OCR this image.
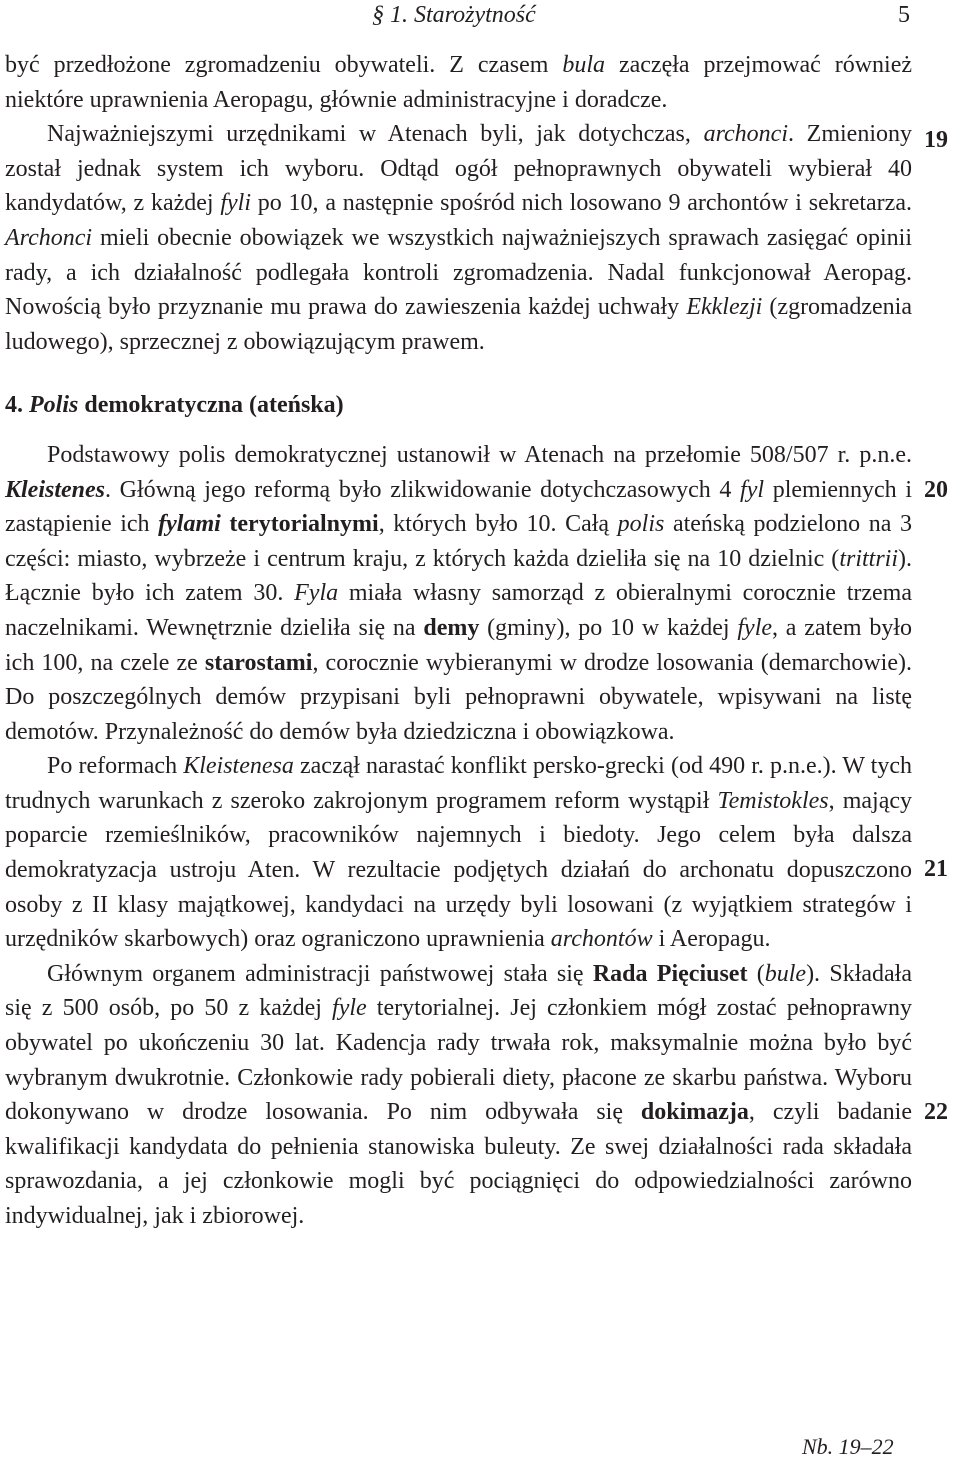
§ 1. Starożytność	5

być przedłożone zgromadzeniu obywateli. Z czasem bula zaczęła przejmować również niektóre uprawnienia Aeropagu, głównie administracyjne i doradcze.

Najważniejszymi urzędnikami w Atenach byli, jak dotychczas, archonci. Zmieniony został jednak system ich wyboru. Odtąd ogół pełnoprawnych obywateli wybierał 40 kandydatów, z każdej fyli po 10, a następnie spośród nich losowano 9 archontów i sekretarza. Archonci mieli obecnie obowiązek we wszystkich najważniejszych sprawach zasięgać opinii rady, a ich działalność podlegała kontroli zgromadzenia. Nadal funkcjonował Aeropag. Nowością było przyznanie mu prawa do zawieszenia każdej uchwały Ekklezji (zgromadzenia ludowego), sprzecznej z obowiązującym prawem.

4. Polis demokratyczna (ateńska)

Podstawowy polis demokratycznej ustanowił w Atenach na przełomie 508/507 r. p.n.e. Kleistenes. Główną jego reformą było zlikwidowanie dotychczasowych 4 fyl plemiennych i zastąpienie ich fylami terytorialnymi, których było 10. Całą polis ateńską podzielono na 3 części: miasto, wybrzeże i centrum kraju, z których każda dzieliła się na 10 dzielnic (trittrii). Łącznie było ich zatem 30. Fyla miała własny samorząd z obieralnymi corocznie trzema naczelnikami. Wewnętrznie dzieliła się na demy (gminy), po 10 w każdej fyle, a zatem było ich 100, na czele ze starostami, corocznie wybieranymi w drodze losowania (demarchowie). Do poszczególnych demów przypisani byli pełnoprawni obywatele, wpisywani na listę demotów. Przynależność do demów była dziedziczna i obowiązkowa.

Po reformach Kleistenesa zaczął narastać konflikt persko-grecki (od 490 r. p.n.e.). W tych trudnych warunkach z szeroko zakrojonym programem reform wystąpił Temistokles, mający poparcie rzemieślników, pracowników najemnych i biedoty. Jego celem była dalsza demokratyzacja ustroju Aten. W rezultacie podjętych działań do archonatu dopuszczono osoby z II klasy majątkowej, kandydaci na urzędy byli losowani (z wyjątkiem strategów i urzędników skarbowych) oraz ograniczono uprawnienia archontów i Aeropagu.

Głównym organem administracji państwowej stała się Rada Pięciuset (bule). Składała się z 500 osób, po 50 z każdej fyle terytorialnej. Jej członkiem mógł zostać pełnoprawny obywatel po ukończeniu 30 lat. Kadencja rady trwała rok, maksymalnie można było być wybranym dwukrotnie. Członkowie rady pobierali diety, płacone ze skarbu państwa. Wyboru dokonywano w drodze losowania. Po nim odbywała się dokimazja, czyli badanie kwalifikacji kandydata do pełnienia stanowiska buleuty. Ze swej działalności rada składała sprawozdania, a jej członkowie mogli być pociągnięci do odpowiedzialności zarówno indywidualnej, jak i zbiorowej.

19
20
21
22
Nb. 19–22
